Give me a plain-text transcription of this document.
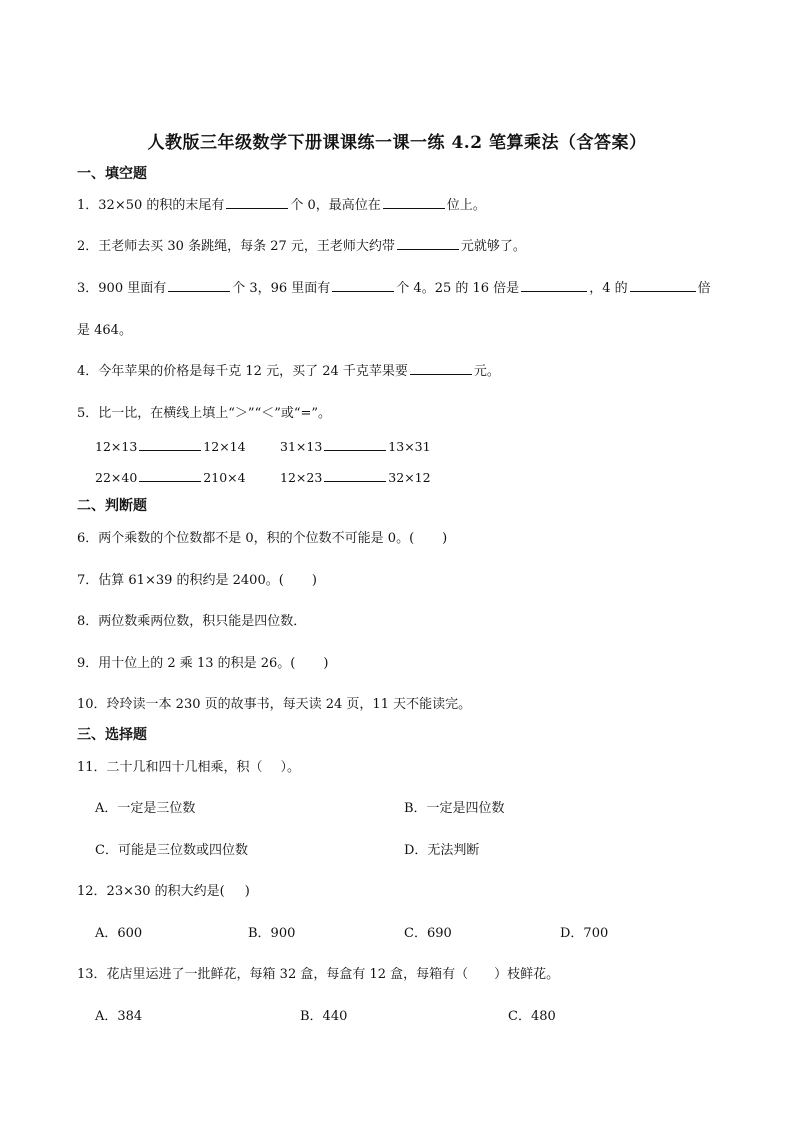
人教版三年级数学下册课课练一课一练 4.2 笔算乘法（含答案）
一、填空题
1．32×50 的积的末尾有	个 0，最高位在	位上。
2．王老师去买 30 条跳绳，每条 27 元，王老师大约带	元就够了。
3．900 里面有	个 3，96 里面有	个 4。25 的 16 倍是	，4 的	倍
是 464。
4．今年苹果的价格是每千克 12 元，买了 24 千克苹果要	元。
5．比一比，在横线上填上“＞”“＜”或“=”。
12×13	12×14	31×13	13×31
22×40	210×4	12×23	32×12
二、判断题
6．两个乘数的个位数都不是 0，积的个位数不可能是 0。( )
7．估算 61×39 的积约是 2400。( )
8．两位数乘两位数，积只能是四位数．
9．用十位上的 2 乘 13 的积是 26。( )
10．玲玲读一本 230 页的故事书，每天读 24 页，11 天不能读完。
三、选择题
11．二十几和四十几相乘，积（ ）。
A．一定是三位数	B．一定是四位数
C．可能是三位数或四位数	D．无法判断
12．23×30 的积大约是( )
A．600	B．900	C．690	D．700
13．花店里运进了一批鲜花，每箱 32 盒，每盒有 12 盒，每箱有（ ）枝鲜花。
A．384	B．440	C．480
